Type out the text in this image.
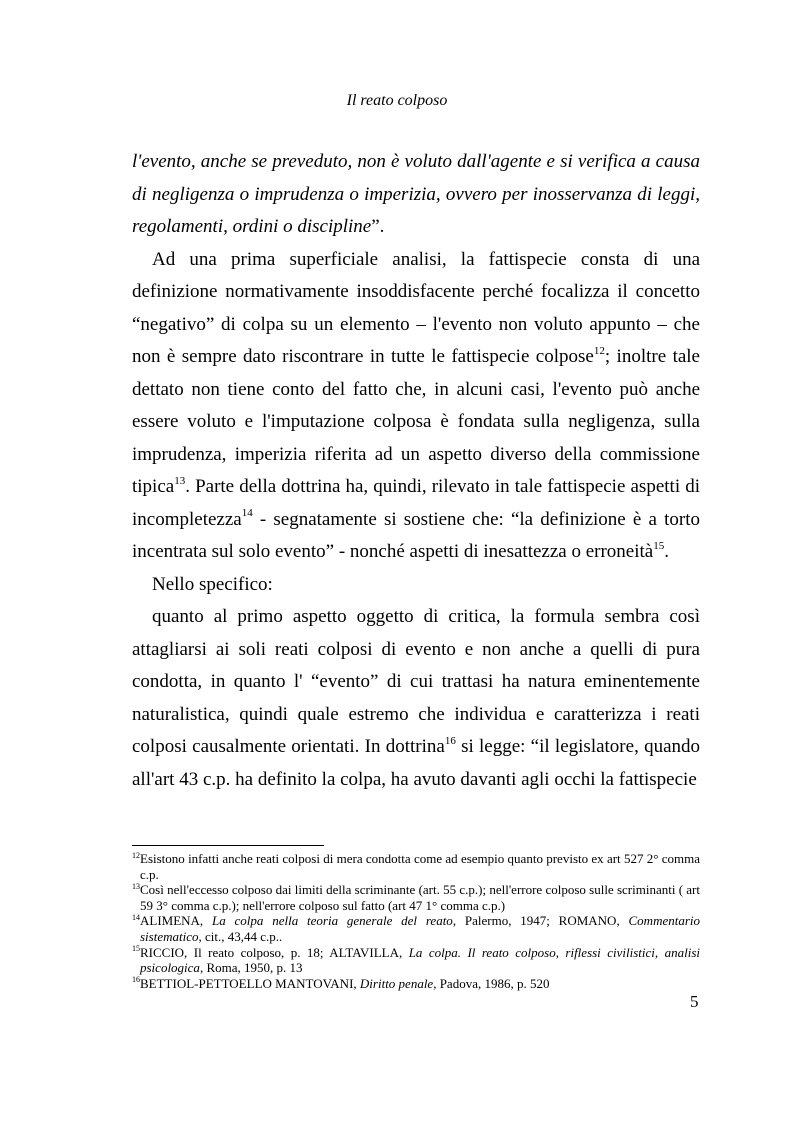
Il reato colposo

l'evento, anche se preveduto, non è voluto dall'agente e si verifica a causa di negligenza o imprudenza o imperizia, ovvero per inosservanza di leggi, regolamenti, ordini o discipline”.

Ad una prima superficiale analisi, la fattispecie consta di una definizione normativamente insoddisfacente perché focalizza il concetto “negativo” di colpa su un elemento – l'evento non voluto appunto – che non è sempre dato riscontrare in tutte le fattispecie colpose$^{12}$; inoltre tale dettato non tiene conto del fatto che, in alcuni casi, l'evento può anche essere voluto e l'imputazione colposa è fondata sulla negligenza, sulla imprudenza, imperizia riferita ad un aspetto diverso della commissione tipica$^{13}$. Parte della dottrina ha, quindi, rilevato in tale fattispecie aspetti di incompletezza$^{14}$ - segnatamente si sostiene che: “la definizione è a torto incentrata sul solo evento” - nonché aspetti di inesattezza o erroneità$^{15}$.

Nello specifico:

quanto al primo aspetto oggetto di critica, la formula sembra così attagliarsi ai soli reati colposi di evento e non anche a quelli di pura condotta, in quanto l' “evento” di cui trattasi ha natura eminentemente naturalistica, quindi quale estremo che individua e caratterizza i reati colposi causalmente orientati. In dottrina$^{16}$ si legge: “il legislatore, quando all'art 43 c.p. ha definito la colpa, ha avuto davanti agli occhi la fattispecie

$^{12}$Esistono infatti anche reati colposi di mera condotta come ad esempio quanto previsto ex art 527 2° comma c.p.

$^{13}$Così nell'eccesso colposo dai limiti della scriminante (art. 55 c.p.); nell'errore colposo sulle scriminanti ( art 59 3° comma c.p.); nell'errore colposo sul fatto (art 47 1° comma c.p.)

$^{14}$ALIMENA, La colpa nella teoria generale del reato, Palermo, 1947; ROMANO, Commentario sistematico, cit., 43,44 c.p..

$^{15}$RICCIO, Il reato colposo, p. 18; ALTAVILLA, La colpa. Il reato colposo, riflessi civilistici, analisi psicologica, Roma, 1950, p. 13

$^{16}$BETTIOL-PETTOELLO MANTOVANI, Diritto penale, Padova, 1986, p. 520

5
